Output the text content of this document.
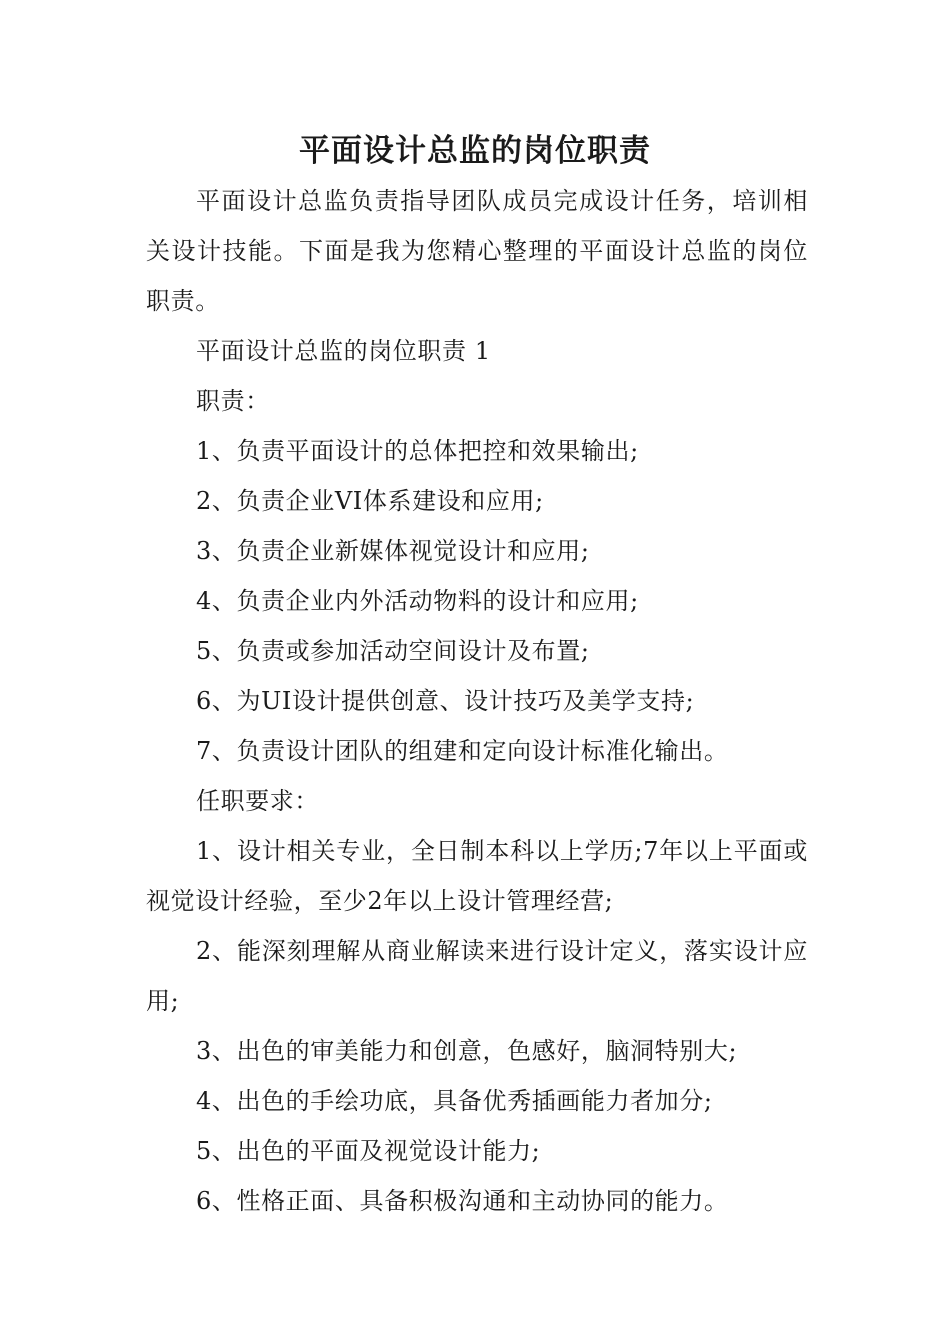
平面设计总监的岗位职责

平面设计总监负责指导团队成员完成设计任务，培训相关设计技能。下面是我为您精心整理的平面设计总监的岗位职责。

平面设计总监的岗位职责 1

职责：

1、负责平面设计的总体把控和效果输出;

2、负责企业VI体系建设和应用;

3、负责企业新媒体视觉设计和应用;

4、负责企业内外活动物料的设计和应用;

5、负责或参加活动空间设计及布置;

6、为UI设计提供创意、设计技巧及美学支持;

7、负责设计团队的组建和定向设计标准化输出。

任职要求：

1、设计相关专业，全日制本科以上学历;7年以上平面或视觉设计经验，至少2年以上设计管理经营;

2、能深刻理解从商业解读来进行设计定义，落实设计应用;

3、出色的审美能力和创意，色感好，脑洞特别大;

4、出色的手绘功底，具备优秀插画能力者加分;

5、出色的平面及视觉设计能力;

6、性格正面、具备积极沟通和主动协同的能力。
